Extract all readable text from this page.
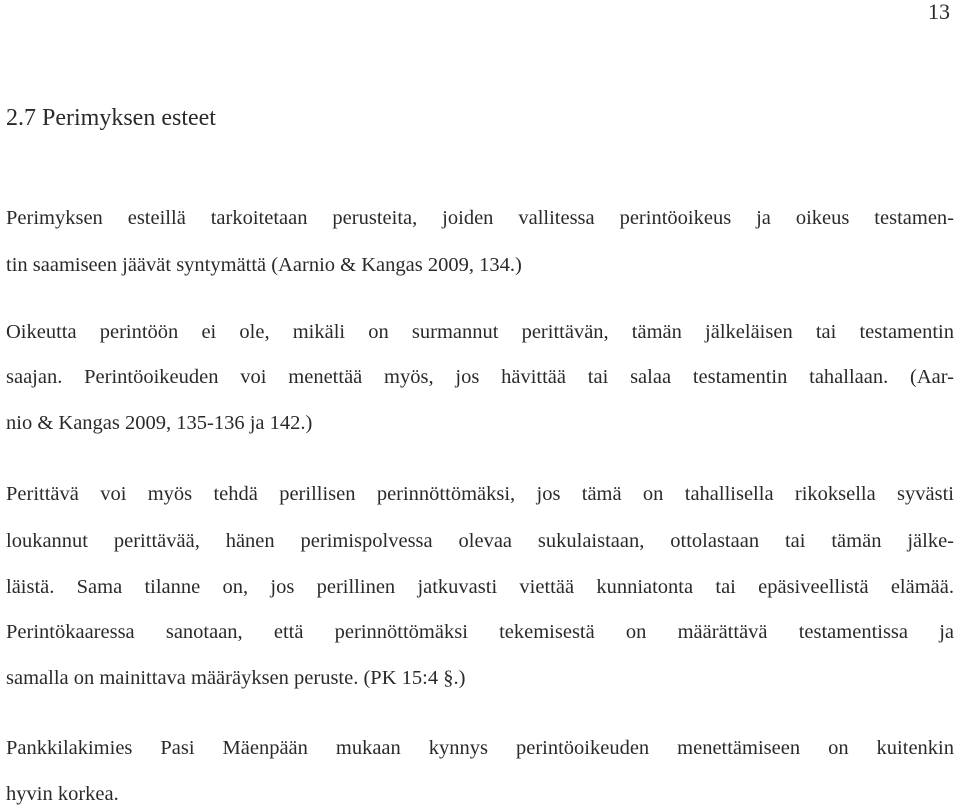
13
2.7 Perimyksen esteet
Perimyksen esteillä tarkoitetaan perusteita, joiden vallitessa perintöoikeus ja oikeus testamen-
tin saamiseen jäävät syntymättä (Aarnio & Kangas 2009, 134.)
Oikeutta perintöön ei ole, mikäli on surmannut perittävän, tämän jälkeläisen tai testamentin
saajan. Perintöoikeuden voi menettää myös, jos hävittää tai salaa testamentin tahallaan. (Aar-
nio & Kangas 2009, 135-136 ja 142.)
Perittävä voi myös tehdä perillisen perinnöttömäksi, jos tämä on tahallisella rikoksella syvästi
loukannut perittävää, hänen perimispolvessa olevaa sukulaistaan, ottolastaan tai tämän jälke-
läistä. Sama tilanne on, jos perillinen jatkuvasti viettää kunniatonta tai epäsiveellistä elämää.
Perintökaaressa sanotaan, että perinnöttömäksi tekemisestä on määrättävä testamentissa ja
samalla on mainittava määräyksen peruste. (PK 15:4 §.)
Pankkilakimies Pasi Mäenpään mukaan kynnys perintöoikeuden menettämiseen on kuitenkin
hyvin korkea.
